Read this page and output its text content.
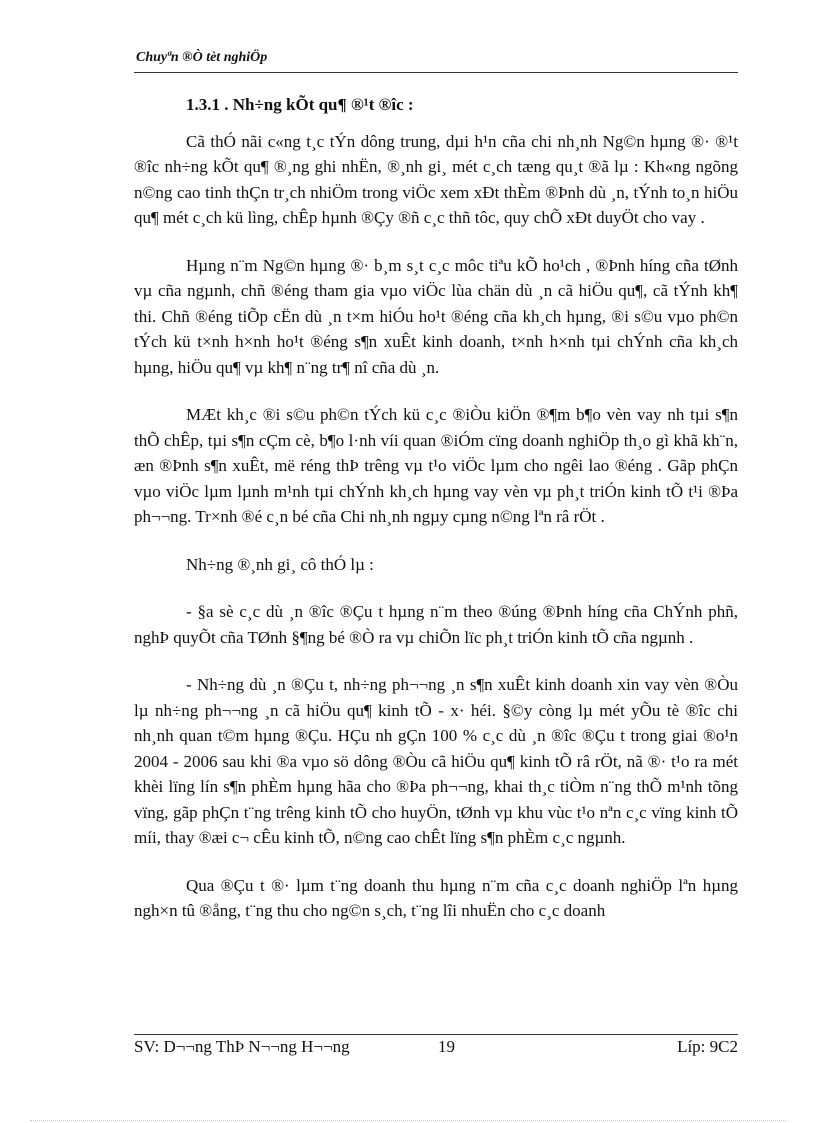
Chuyªn ®Ò tèt nghiÖp
1.3.1 . Nh÷ng kÕt qu¶ ®¹t ®îc :

Cã thÓ nãi c«ng t¸c tÝn dông trung, dµi h¹n cña chi nh¸nh Ng©n hµng ®· ®¹t ®îc nh÷ng kÕt qu¶ ®¸ng ghi nhËn, ®¸nh gi¸ mét c¸ch tæng qu¸t ®ã lµ : Kh«ng ngõng n©ng cao tinh thÇn tr¸ch nhiÖm trong viÖc xem xÐt thÈm ®Þnh dù ¸n, tÝnh to¸n hiÖu qu¶ mét c¸ch kü lìng, chÊp hµnh ®Çy ®ñ c¸c thñ tôc, quy chÕ xÐt duyÖt cho vay .

Hµng n¨m Ng©n hµng ®· b¸m s¸t c¸c môc tiªu kÕ ho¹ch , ®Þnh híng cña tØnh vµ cña ngµnh, chñ ®éng tham gia vµo viÖc lùa chän dù ¸n cã hiÖu qu¶, cã tÝnh kh¶ thi. Chñ ®éng tiÕp cËn dù ¸n t×m hiÓu ho¹t ®éng cña kh¸ch hµng, ®i s©u vµo ph©n tÝch kü t×nh h×nh ho¹t ®éng s¶n xuÊt kinh doanh, t×nh h×nh tµi chÝnh cña kh¸ch hµng, hiÖu qu¶ vµ kh¶ n¨ng tr¶ nî cña dù ¸n.

MÆt kh¸c ®i s©u ph©n tÝch kü c¸c ®iÒu kiÖn ®¶m b¶o vèn vay nh tµi s¶n thÕ chÊp, tµi s¶n cÇm cè, b¶o l·nh víi quan ®iÓm cïng doanh nghiÖp th¸o gì khã kh¨n, æn ®Þnh s¶n xuÊt, më réng thÞ trêng vµ t¹o viÖc lµm cho ngêi lao ®éng . Gãp phÇn vµo viÖc lµm lµnh m¹nh tµi chÝnh kh¸ch hµng vay vèn vµ ph¸t triÓn kinh tÕ t¹i ®Þa ph¬¬ng. Tr×nh ®é c¸n bé cña Chi nh¸nh ngµy cµng n©ng lªn râ rÖt .

Nh÷ng ®¸nh gi¸ cô thÓ lµ :

- §a sè c¸c dù ¸n ®îc ®Çu t hµng n¨m theo ®úng ®Þnh híng cña ChÝnh phñ, nghÞ quyÕt cña TØnh §¶ng bé ®Ò ra vµ chiÕn lïc ph¸t triÓn kinh tÕ cña ngµnh .

- Nh÷ng dù ¸n ®Çu t, nh÷ng ph¬¬ng ¸n s¶n xuÊt kinh doanh xin vay vèn ®Òu lµ nh÷ng ph¬¬ng ¸n cã hiÖu qu¶ kinh tÕ - x· héi. §©y còng lµ mét yÕu tè ®îc chi nh¸nh quan t©m hµng ®Çu. HÇu nh gÇn 100 % c¸c dù ¸n ®îc ®Çu t trong giai ®o¹n 2004 - 2006 sau khi ®a vµo sö dông ®Òu cã hiÖu qu¶ kinh tÕ râ rÖt, nã ®· t¹o ra mét khèi lïng lín s¶n phÈm hµng hãa cho ®Þa ph¬¬ng, khai th¸c tiÒm n¨ng thÕ m¹nh tõng vïng, gãp phÇn t¨ng trêng kinh tÕ cho huyÖn, tØnh vµ khu vùc t¹o nªn c¸c vïng kinh tÕ míi, thay ®æi c¬ cÊu kinh tÕ, n©ng cao chÊt lïng s¶n phÈm c¸c ngµnh.

Qua ®Çu t ®· lµm t¨ng doanh thu hµng n¨m cña c¸c doanh nghiÖp lªn hµng ngh×n tû ®ång, t¨ng thu cho ng©n s¸ch, t¨ng lîi nhuËn cho c¸c doanh

SV: D¬¬ng ThÞ N¬¬ng H¬¬ng	19	Líp: 9C2
